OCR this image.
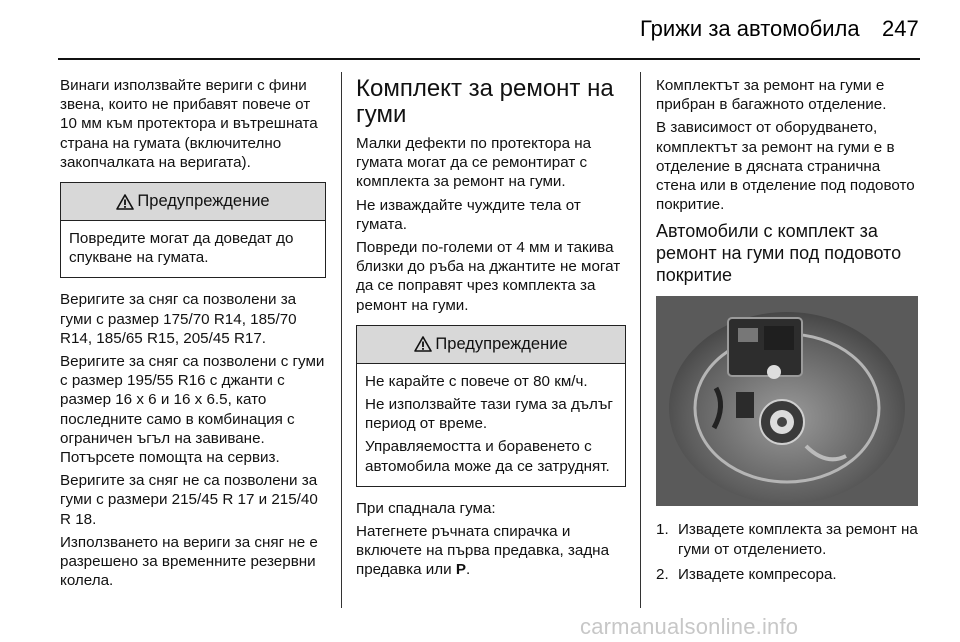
Грижи за автомобила 247

Винаги използвайте вериги с фини звена, които не прибавят повече от 10 мм към протектора и вътрешната страна на гумата (включително закопчалката на веригата).

Предупреждение

Повредите могат да доведат до спукване на гумата.

Веригите за сняг са позволени за гуми с размер 175/70 R14, 185/70 R14, 185/65 R15, 205/45 R17.

Веригите за сняг са позволени с гуми с размер 195/55 R16 с джанти с размер 16 x 6 и 16 x 6.5, като последните само в комбинация с ограничен ъгъл на завиване. Потърсете помощта на сервиз.

Веригите за сняг не са позволени за гуми с размери 215/45 R 17 и 215/40 R 18.

Използването на вериги за сняг не е разрешено за временните резервни колела.

Комплект за ремонт на гуми

Малки дефекти по протектора на гумата могат да се ремонтират с комплекта за ремонт на гуми.

Не изваждайте чуждите тела от гумата.

Повреди по-големи от 4 мм и такива близки до ръба на джантите не могат да се поправят чрез комплекта за ремонт на гуми.

Предупреждение

Не карайте с повече от 80 км/ч.

Не използвайте тази гума за дълъг период от време.

Управляемостта и боравенето с автомобила може да се затруднят.

При спаднала гума:

Натегнете ръчната спирачка и включете на първа предавка, задна предавка или P.

Комплектът за ремонт на гуми е прибран в багажното отделение.

В зависимост от оборудването, комплектът за ремонт на гуми е в отделение в дясната странична стена или в отделение под подовото покритие.

Автомобили с комплект за ремонт на гуми под подовото покритие
1. Извадете комплекта за ремонт на гуми от отделението.
2. Извадете компресора.
carmanualsonline.info
